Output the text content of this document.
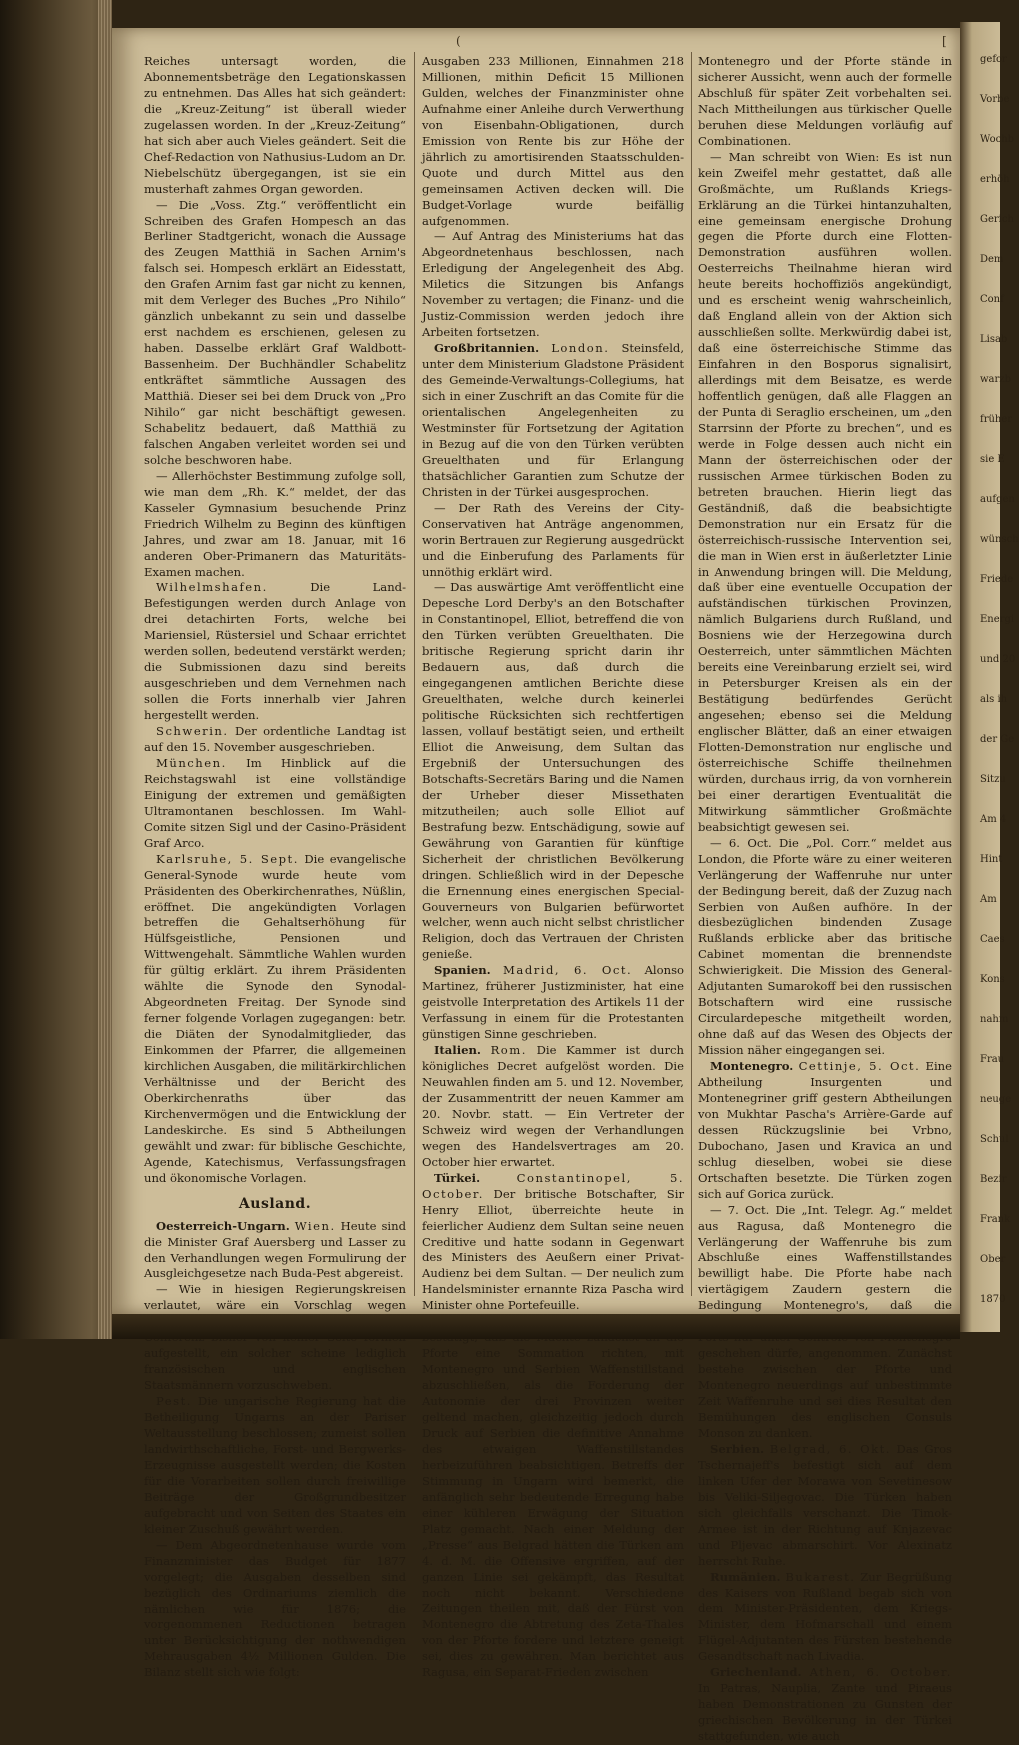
(	[

Reiches untersagt worden, die Abonnementsbeträge den Legationskassen zu entnehmen. Das Alles hat sich geändert: die „Kreuz-Zeitung“ ist überall wieder zugelassen worden. In der „Kreuz-Zeitung“ hat sich aber auch Vieles geändert. Seit die Chef-Redaction von Nathusius-Ludom an Dr. Niebelschütz übergegangen, ist sie ein musterhaft zahmes Organ geworden.

— Die „Voss. Ztg.“ veröffentlicht ein Schreiben des Grafen Hompesch an das Berliner Stadtgericht, wonach die Aussage des Zeugen Matthiä in Sachen Arnim's falsch sei. Hompesch erklärt an Eidesstatt, den Grafen Arnim fast gar nicht zu kennen, mit dem Verleger des Buches „Pro Nihilo“ gänzlich unbekannt zu sein und dasselbe erst nachdem es erschienen, gelesen zu haben. Dasselbe erklärt Graf Waldbott-Bassenheim. Der Buchhändler Schabelitz entkräftet sämmtliche Aussagen des Matthiä. Dieser sei bei dem Druck von „Pro Nihilo“ gar nicht beschäftigt gewesen. Schabelitz bedauert, daß Matthiä zu falschen Angaben verleitet worden sei und solche beschworen habe.

— Allerhöchster Bestimmung zufolge soll, wie man dem „Rh. K.“ meldet, der das Kasseler Gymnasium besuchende Prinz Friedrich Wilhelm zu Beginn des künftigen Jahres, und zwar am 18. Januar, mit 16 anderen Ober-Primanern das Maturitäts-Examen machen.

Wilhelmshafen.	Die Land-Befestigungen werden durch Anlage von drei detachirten Forts, welche bei Mariensiel, Rüstersiel und Schaar errichtet werden sollen, bedeutend verstärkt werden; die Submissionen dazu sind bereits ausgeschrieben und dem Vernehmen nach sollen die Forts innerhalb vier Jahren hergestellt werden.

Schwerin. Der ordentliche Landtag ist auf den 15. November ausgeschrieben.

München. Im Hinblick auf die Reichstagswahl ist eine vollständige Einigung der extremen und gemäßigten Ultramontanen beschlossen. Im Wahl-Comite sitzen Sigl und der Casino-Präsident Graf Arco.

Karlsruhe, 5. Sept. Die evangelische General-Synode wurde heute vom Präsidenten des Oberkirchenrathes, Nüßlin, eröffnet. Die angekündigten Vorlagen betreffen die Gehaltserhöhung für Hülfsgeistliche, Pensionen und Wittwengehalt. Sämmtliche Wahlen wurden für gültig erklärt. Zu ihrem Präsidenten wählte die Synode den Synodal-Abgeordneten Freitag. Der Synode sind ferner folgende Vorlagen zugegangen: betr. die Diäten der Synodalmitglieder, das Einkommen der Pfarrer, die allgemeinen kirchlichen Ausgaben, die militärkirchlichen Verhältnisse und der Bericht des Oberkirchenraths über das Kirchenvermögen und die Entwicklung der Landeskirche. Es sind 5 Abtheilungen gewählt und zwar: für biblische Geschichte, Agende, Katechismus, Verfassungsfragen und ökonomische Vorlagen.

Ausland.

Oesterreich-Ungarn. Wien. Heute sind die Minister Graf Auersberg und Lasser zu den Verhandlungen wegen Formulirung der Ausgleichgesetze nach Buda-Pest abgereist.

— Wie in hiesigen Regierungskreisen verlautet, wäre ein Vorschlag wegen aufgestellt, ein solcher scheine lediglich französischen und englischen Staatsmännern vorzuschweben.

Pest. Die ungarische Regierung hat die Betheiligung Ungarns an der Pariser Weltausstellung beschlossen; zumeist sollen landwirthschaftliche, Forst- und Bergwerks-Erzeugnisse ausgestellt werden; die Kosten für die Vorarbeiten sollen durch freiwillige Beiträge der Großgrundbesitzer aufgebracht und von Seiten des Staates ein kleiner Zuschuß gewährt werden.

— Dem Abgeordnetenhause wurde vom Finanzminister das Budget für 1877 vorgelegt; die Ausgaben desselben sind bezüglich des Ordinariums ziemlich die nämlichen wie für 1876; die vorgenommenen Reductionen betragen unter Berücksichtigung der nothwendigen Mehrausgaben 4½ Millionen Gulden. Die Bilanz stellt sich wie folgt:

Ausgaben 233 Millionen, Einnahmen 218 Millionen, mithin Deficit 15 Millionen Gulden, welches der Finanzminister ohne Aufnahme einer Anleihe durch Verwerthung von Eisenbahn-Obligationen, durch Emission von Rente bis zur Höhe der jährlich zu amortisirenden Staatsschulden-Quote und durch Mittel aus den gemeinsamen Activen decken will. Die Budget-Vorlage wurde beifällig aufgenommen.

— Auf Antrag des Ministeriums hat das Abgeordnetenhaus beschlossen, nach Erledigung der Angelegenheit des Abg. Miletics die Sitzungen bis Anfangs November zu vertagen; die Finanz- und die Justiz-Commission werden jedoch ihre Arbeiten fortsetzen.

Großbritannien. London. Steinsfeld, unter dem Ministerium Gladstone Präsident des Gemeinde-Verwaltungs-Collegiums, hat sich in einer Zuschrift an das Comite für die orientalischen Angelegenheiten zu Westminster für Fortsetzung der Agitation in Bezug auf die von den Türken verübten Greuelthaten und für Erlangung thatsächlicher Garantien zum Schutze der Christen in der Türkei ausgesprochen.

— Der Rath des Vereins der City-Conservativen hat Anträge angenommen, worin Bertrauen zur Regierung ausgedrückt und die Einberufung des Parlaments für unnöthig erklärt wird.

— Das auswärtige Amt veröffentlicht eine Depesche Lord Derby's an den Botschafter in Constantinopel, Elliot, betreffend die von den Türken verübten Greuelthaten. Die britische Regierung spricht darin ihr Bedauern aus, daß durch die eingegangenen amtlichen Berichte diese Greuelthaten, welche durch keinerlei politische Rücksichten sich rechtfertigen lassen, vollauf bestätigt seien, und ertheilt Elliot die Anweisung, dem Sultan das Ergebniß der Untersuchungen des Botschafts-Secretärs Baring und die Namen der Urheber dieser Missethaten mitzutheilen; auch solle Elliot auf Bestrafung bezw. Entschädigung, sowie auf Gewährung von Garantien für künftige Sicherheit der christlichen Bevölkerung dringen. Schließlich wird in der Depesche die Ernennung eines energischen Special-Gouverneurs von Bulgarien befürwortet welcher, wenn auch nicht selbst christlicher Religion, doch das Vertrauen der Christen genieße.

Spanien. Madrid, 6. Oct. Alonso Martinez, früherer Justizminister, hat eine geistvolle Interpretation des Artikels 11 der Verfassung in einem für die Protestanten günstigen Sinne geschrieben.

Italien. Rom. Die Kammer ist durch königliches Decret aufgelöst worden. Die Neuwahlen finden am 5. und 12. November, der Zusammentritt der neuen Kammer am 20. Novbr. statt. — Ein Vertreter der Schweiz wird wegen der Verhandlungen wegen des Handelsvertrages am 20. October hier erwartet.

Türkei.	Constantinopel, 5. October. Der britische Botschafter, Sir Henry Elliot, überreichte heute in feierlicher Audienz dem Sultan seine neuen Creditive und hatte sodann in Gegenwart des Ministers des Aeußern einer Privat-Audienz bei dem Sultan. — Der neulich zum Handelsminister ernannte Riza Pascha wird Minister ohne Portefeuille.

Pforte eine Sommation richten, mit Montenegro und Serbien Waffenstillstand abzuschließen, als die Forderung der Autonomie der drei Provinzen weiter geltend machen, gleichzeitig jedoch durch Druck auf Serbien die definitive Annahme des etwaigen Waffenstillstandes herbeizuführen beabsichtigen. Betreffs der Stimmung in Ungarn wird bemerkt, die anfänglich sehr bedeutende Erregung habe einer kühleren Erwägung der Situation Platz gemacht. Nach einer Meldung der „Presse“ aus Belgrad hätten die Türken am 4. d. M. die Offensive ergriffen, auf der ganzen Linie sei gekämpft, das Resultat noch nicht bekannt. Verschiedene Zeitungen theilen mit, daß der Fürst von Montenegro die Abtretung des Zeta-Thales von der Pforte fordere und letztere geneigt sei, dies zu gewähren. Man berichtet aus Ragusa, ein Separat-Frieden zwischen

Montenegro und der Pforte stände in sicherer Aussicht, wenn auch der formelle Abschluß für später Zeit vorbehalten sei. Nach Mittheilungen aus türkischer Quelle beruhen diese Meldungen vorläufig auf Combinationen.

— Man schreibt von Wien: Es ist nun kein Zweifel mehr gestattet, daß alle Großmächte, um Rußlands Kriegs-Erklärung an die Türkei hintanzuhalten, eine gemeinsam energische Drohung gegen die Pforte durch eine Flotten-Demonstration ausführen wollen. Oesterreichs Theilnahme hieran wird heute bereits hochoffiziös angekündigt, und es erscheint wenig wahrscheinlich, daß England allein von der Aktion sich ausschließen sollte. Merkwürdig dabei ist, daß eine österreichische Stimme das Einfahren in den Bosporus signalisirt, allerdings mit dem Beisatze, es werde hoffentlich genügen, daß alle Flaggen an der Punta di Seraglio erscheinen, um „den Starrsinn der Pforte zu brechen“, und es werde in Folge dessen auch nicht ein Mann der österreichischen oder der russischen Armee türkischen Boden zu betreten brauchen. Hierin liegt das Geständniß, daß die beabsichtigte Demonstration nur ein Ersatz für die österreichisch-russische Intervention sei, die man in Wien erst in äußerletzter Linie in Anwendung bringen will. Die Meldung, daß über eine eventuelle Occupation der aufständischen türkischen Provinzen, nämlich Bulgariens durch Rußland, und Bosniens wie der Herzegowina durch Oesterreich, unter sämmtlichen Mächten bereits eine Vereinbarung erzielt sei, wird in Petersburger Kreisen als ein der Bestätigung bedürfendes Gerücht angesehen; ebenso sei die Meldung englischer Blätter, daß an einer etwaigen Flotten-Demonstration nur englische und österreichische Schiffe theilnehmen würden, durchaus irrig, da von vornherein bei einer derartigen Eventualität die Mitwirkung sämmtlicher Großmächte beabsichtigt gewesen sei.

— 6. Oct. Die „Pol. Corr.“ meldet aus London, die Pforte wäre zu einer weiteren Verlängerung der Waffenruhe nur unter der Bedingung bereit, daß der Zuzug nach Serbien von Außen aufhöre. In der diesbezüglichen bindenden Zusage Rußlands erblicke aber das britische Cabinet momentan die brennendste Schwierigkeit. Die Mission des General-Adjutanten Sumarokoff bei den russischen Botschaftern wird eine russische Circulardepesche mitgetheilt worden, ohne daß auf das Wesen des Objects der Mission näher eingegangen sei.

Montenegro. Cettinje, 5. Oct. Eine Abtheilung Insurgenten und Montenegriner griff gestern Abtheilungen von Mukhtar Pascha's Arrière-Garde auf dessen Rückzugslinie bei Vrbno, Dubochano, Jasen und Kravica an und schlug dieselben, wobei sie diese Ortschaften besetzte. Die Türken zogen sich auf Gorica zurück.

— 7. Oct. Die „Int. Telegr. Ag.“ meldet aus Ragusa, daß Montenegro die Verlängerung der Waffenruhe bis zum Abschluße eines Waffenstillstandes bewilligt habe. Die Pforte habe nach viertägigem Zaudern gestern die Bedingung Montenegro's, daß die geschehen dürfe, angenommen. Zunächst bestehe zwischen der Pforte und Montenegro neuerdings auf unbestimmte Zeit Waffenruhe und sei dies Resultat den Bemühungen des englischen Consuls Monson zu danken.

Serbien. Belgrad, 6. Okt. Das Gros Tschernajeff's befestigt sich auf dem linken Ufer der Morawa von Sevetinesow bis Veliki-Siljegovac. Die Türken haben sich gleichfalls verschanzt. Die Timok-Armee ist in der Richtung auf Knjazevac und Pljevac abmarschirt. Vor Alexinatz herrscht Ruhe.

Rumänien. Bukarest. Zur Begrüßung des Kaisers von Rußland begab sich von dem Minister-Präsidenten, dem Kriegs-Minister, dem Hofmarschall und einem Flügel-Adjutanten des Fürsten bestehende Gesandtschaft nach Livadia.

Griechenland. Athen, 6. October. In Patras, Nauplia, Zante und Piraeus haben Demonstrationen zu Gunsten der griechischen Bevölkerung in der Türkei stattgefunden, wie auch

gefor
Vorbe
Wochb
erhöh
Gerich
Dem
Conf
Lisab
warzb
früher
sie E
aufgen
wünsch
Friede
Energi
und 20
als ih
der Ge
Sitzu
Am 4
Hint
Am
Caes
Kons
nahm
Frau
neuge
Schul
Bezir
Frank
Ober
1870
